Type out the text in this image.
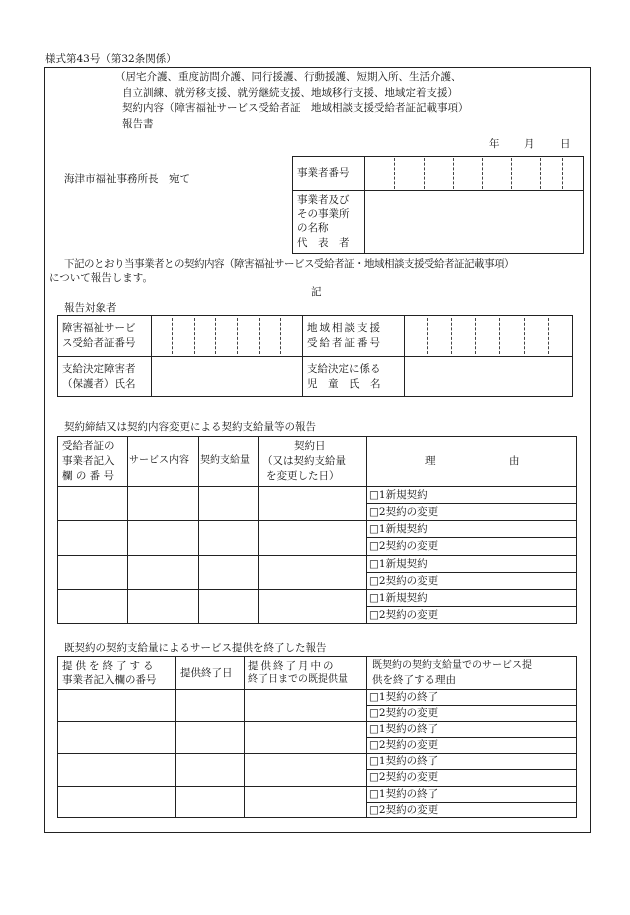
様式第43号（第32条関係）
（居宅介護、重度訪問介護、同行援護、行動援護、短期入所、生活介護、
自立訓練、就労移支援、就労継続支援、地域移行支援、地域定着支援）
契約内容（障害福祉サービス受給者証　地域相談支援受給者証記載事項）
報告書
年 月 日
海津市福祉事務所長　宛て	事業者番号
事業者及び
その事業所
の名称
代　表　者
下記のとおり当事業者との契約内容（障害福祉サービス受給者証・地域相談支援受給者証記載事項）
について報告します。
記
報告対象者
障害福祉サービ
ス受給者証番号
地域相談支援
受給者証番号
支給決定障害者
（保護者）氏名
支給決定に係る
児　童　氏　名
契約締結又は契約内容変更による契約支給量等の報告
受給者証の
事業者記入
欄 の 番 号
サービス内容 契約支給量
契約日
（又は契約支給量
を変更した日）
理　　　　　　　由
□1新規契約
□2契約の変更
□1新規契約
□2契約の変更
□1新規契約
□2契約の変更
□1新規契約
□2契約の変更
既契約の契約支給量によるサービス提供を終了した報告
提供を終了する
事業者記入欄の番号
提供終了日
提供終了月中の
終了日までの既提供量
既契約の契約支給量でのサービス提
供を終了する理由
□1契約の終了
□2契約の変更
□1契約の終了
□2契約の変更
□1契約の終了
□2契約の変更
□1契約の終了
□2契約の変更
